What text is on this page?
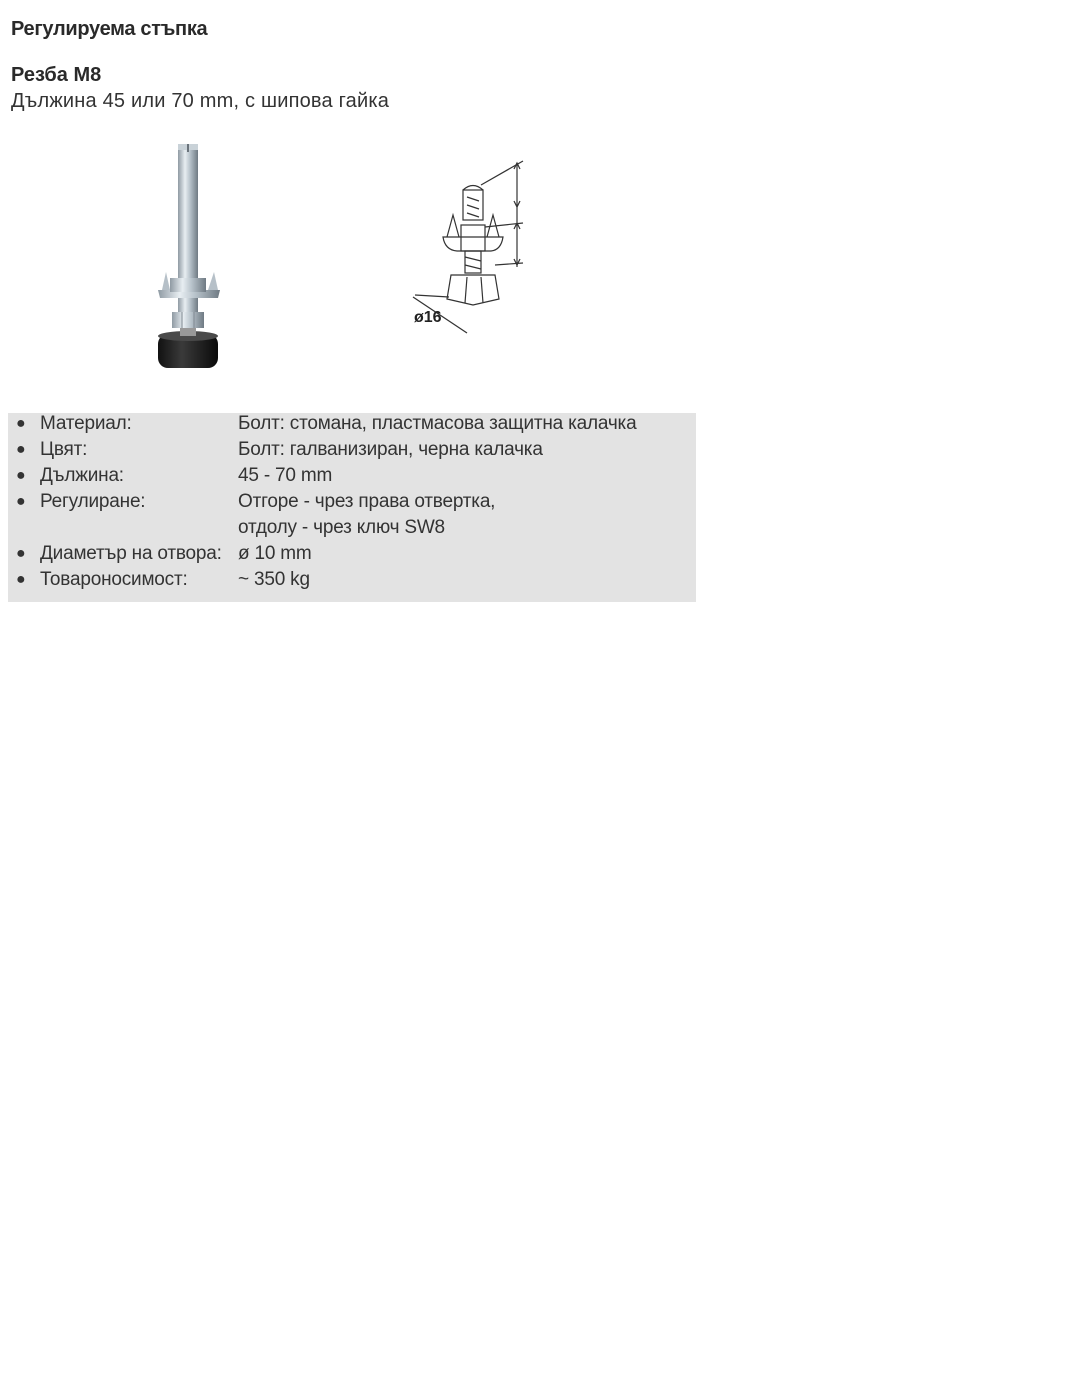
Регулируема стъпка
Резба М8
Дължина 45 или 70 mm, с шипова гайка
ø16
● Материал:	Болт: стомана, пластмасова защитна калачка
● Цвят:	Болт: галванизиран, черна калачка
● Дължина:	45 - 70 mm
● Регулиране:	Отгоре - чрез права отвертка,
отдолу - чрез ключ SW8
● Диаметър на отвора: ø 10 mm
● Товароносимост:	~ 350 kg
